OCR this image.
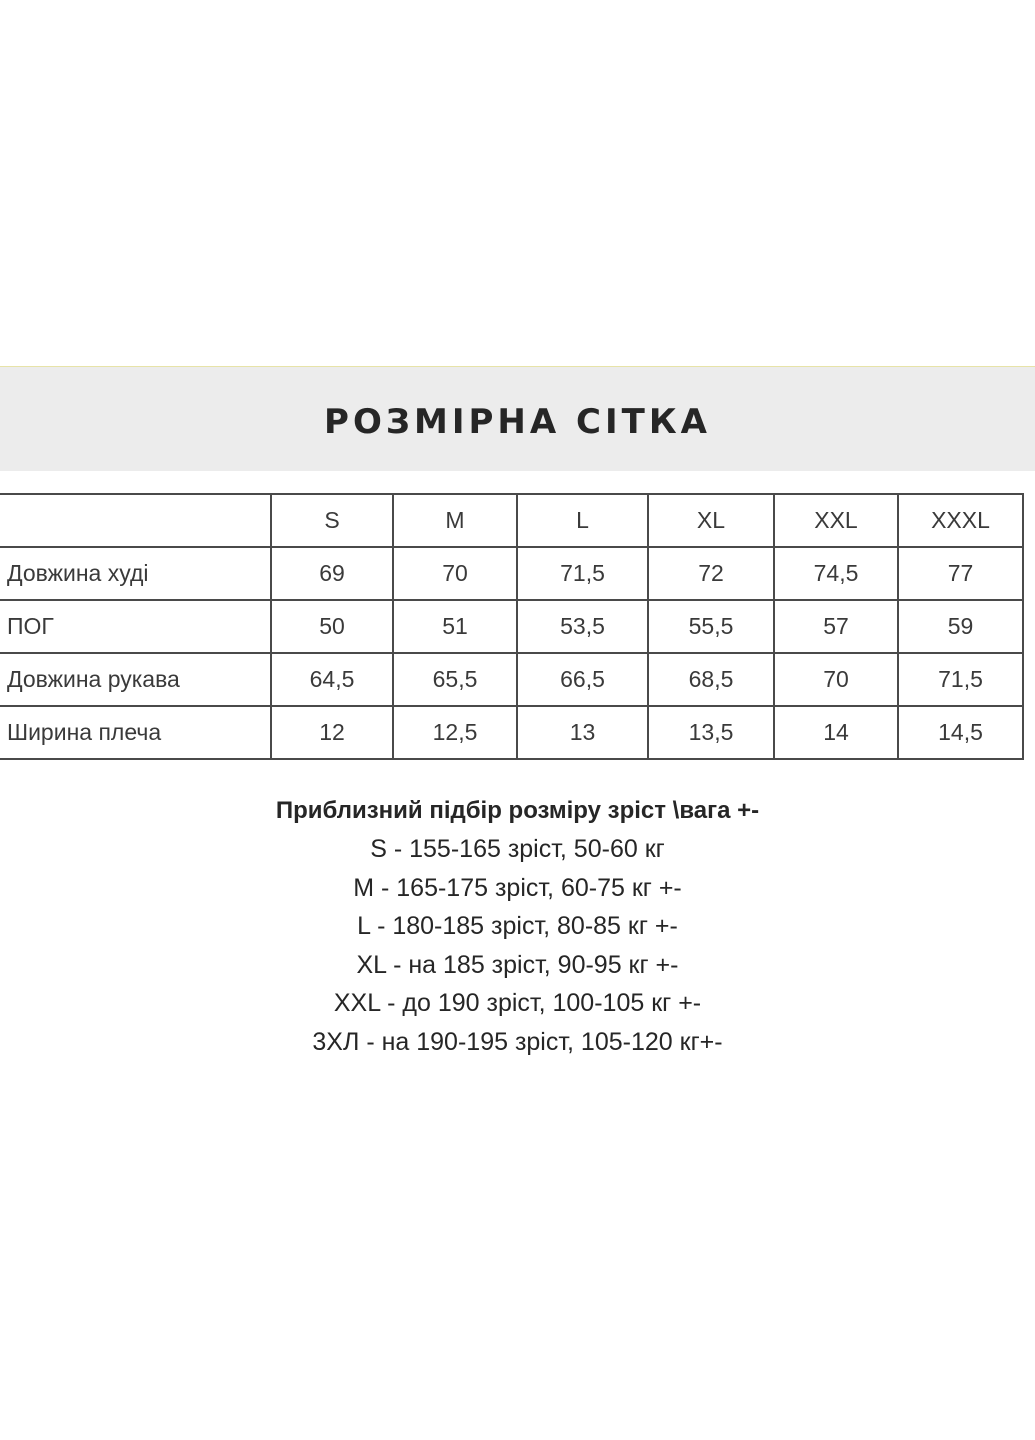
РОЗМІРНА СІТКА
	S	M	L	XL	XXL	XXXL
Довжина худі	69	70	71,5	72	74,5	77
ПОГ	50	51	53,5	55,5	57	59
Довжина рукава	64,5	65,5	66,5	68,5	70	71,5
Ширина плеча	12	12,5	13	13,5	14	14,5

Приблизний підбір розміру зріст \вага +-

S - 155-165 зріст, 50-60 кг

M - 165-175 зріст, 60-75 кг +-

L - 180-185 зріст, 80-85 кг +-

XL - на 185 зріст, 90-95 кг +-

XXL - до 190 зріст, 100-105 кг +-

3ХЛ - на 190-195 зріст, 105-120 кг+-
